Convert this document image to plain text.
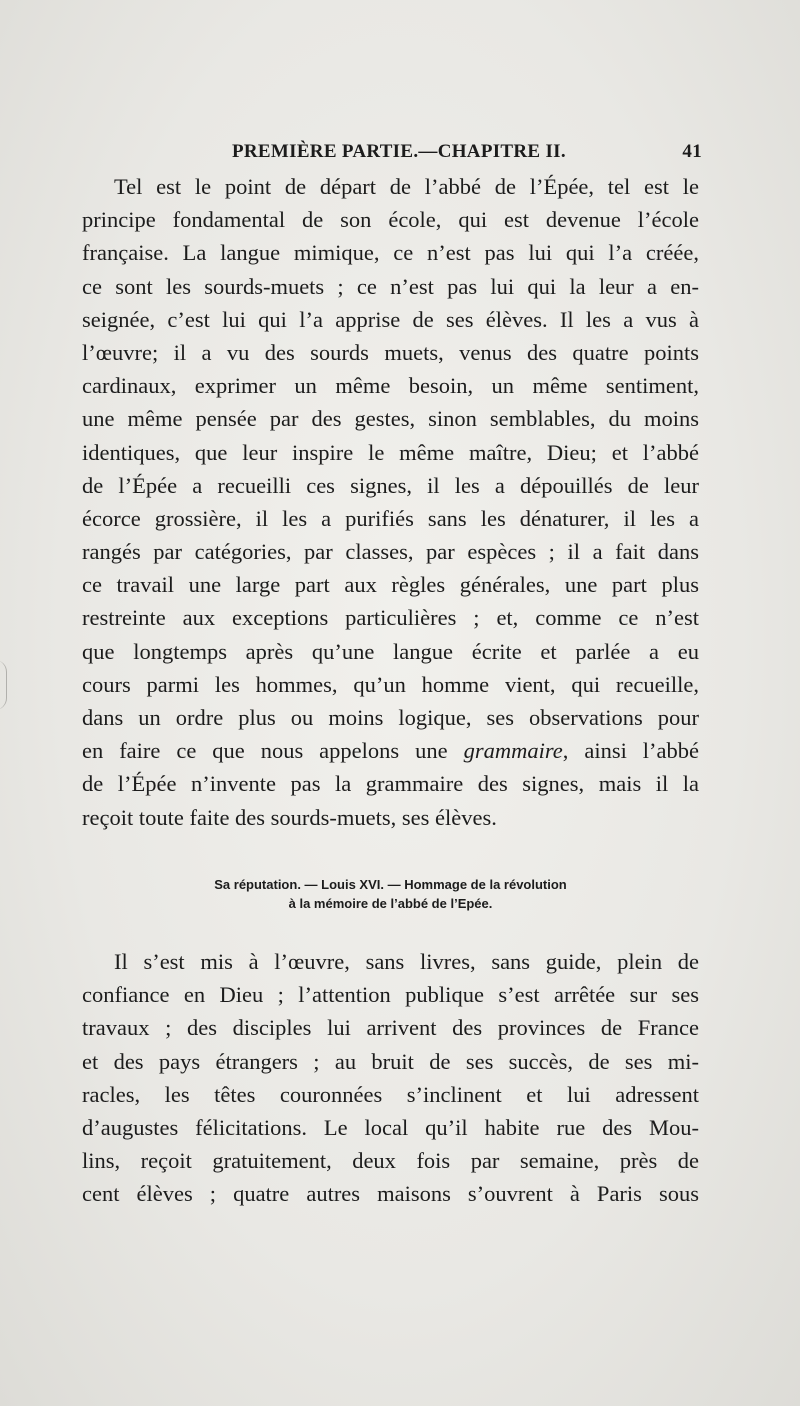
PREMIÈRE PARTIE.—CHAPITRE II.	41
Tel est le point de départ de l’abbé de l’Épée, tel est le
principe fondamental de son école, qui est devenue l’école
française. La langue mimique, ce n’est pas lui qui l’a créée,
ce sont les sourds-muets ; ce n’est pas lui qui la leur a en-
seignée, c’est lui qui l’a apprise de ses élèves. Il les a vus à
l’œuvre; il a vu des sourds muets, venus des quatre points
cardinaux, exprimer un même besoin, un même sentiment,
une même pensée par des gestes, sinon semblables, du moins
identiques, que leur inspire le même maître, Dieu; et l’abbé
de l’Épée a recueilli ces signes, il les a dépouillés de leur
écorce grossière, il les a purifiés sans les dénaturer, il les a
rangés par catégories, par classes, par espèces ; il a fait dans
ce travail une large part aux règles générales, une part plus
restreinte aux exceptions particulières ; et, comme ce n’est
que longtemps après qu’une langue écrite et parlée a eu
cours parmi les hommes, qu’un homme vient, qui recueille,
dans un ordre plus ou moins logique, ses observations pour
en faire ce que nous appelons une grammaire, ainsi l’abbé
de l’Épée n’invente pas la grammaire des signes, mais il la
reçoit toute faite des sourds-muets, ses élèves.
Sa réputation. — Louis XVI. — Hommage de la révolution
à la mémoire de l’abbé de l’Epée.
Il s’est mis à l’œuvre, sans livres, sans guide, plein de
confiance en Dieu ; l’attention publique s’est arrêtée sur ses
travaux ; des disciples lui arrivent des provinces de France
et des pays étrangers ; au bruit de ses succès, de ses mi-
racles, les têtes couronnées s’inclinent et lui adressent
d’augustes félicitations. Le local qu’il habite rue des Mou-
lins, reçoit gratuitement, deux fois par semaine, près de
cent élèves ; quatre autres maisons s’ouvrent à Paris sous
